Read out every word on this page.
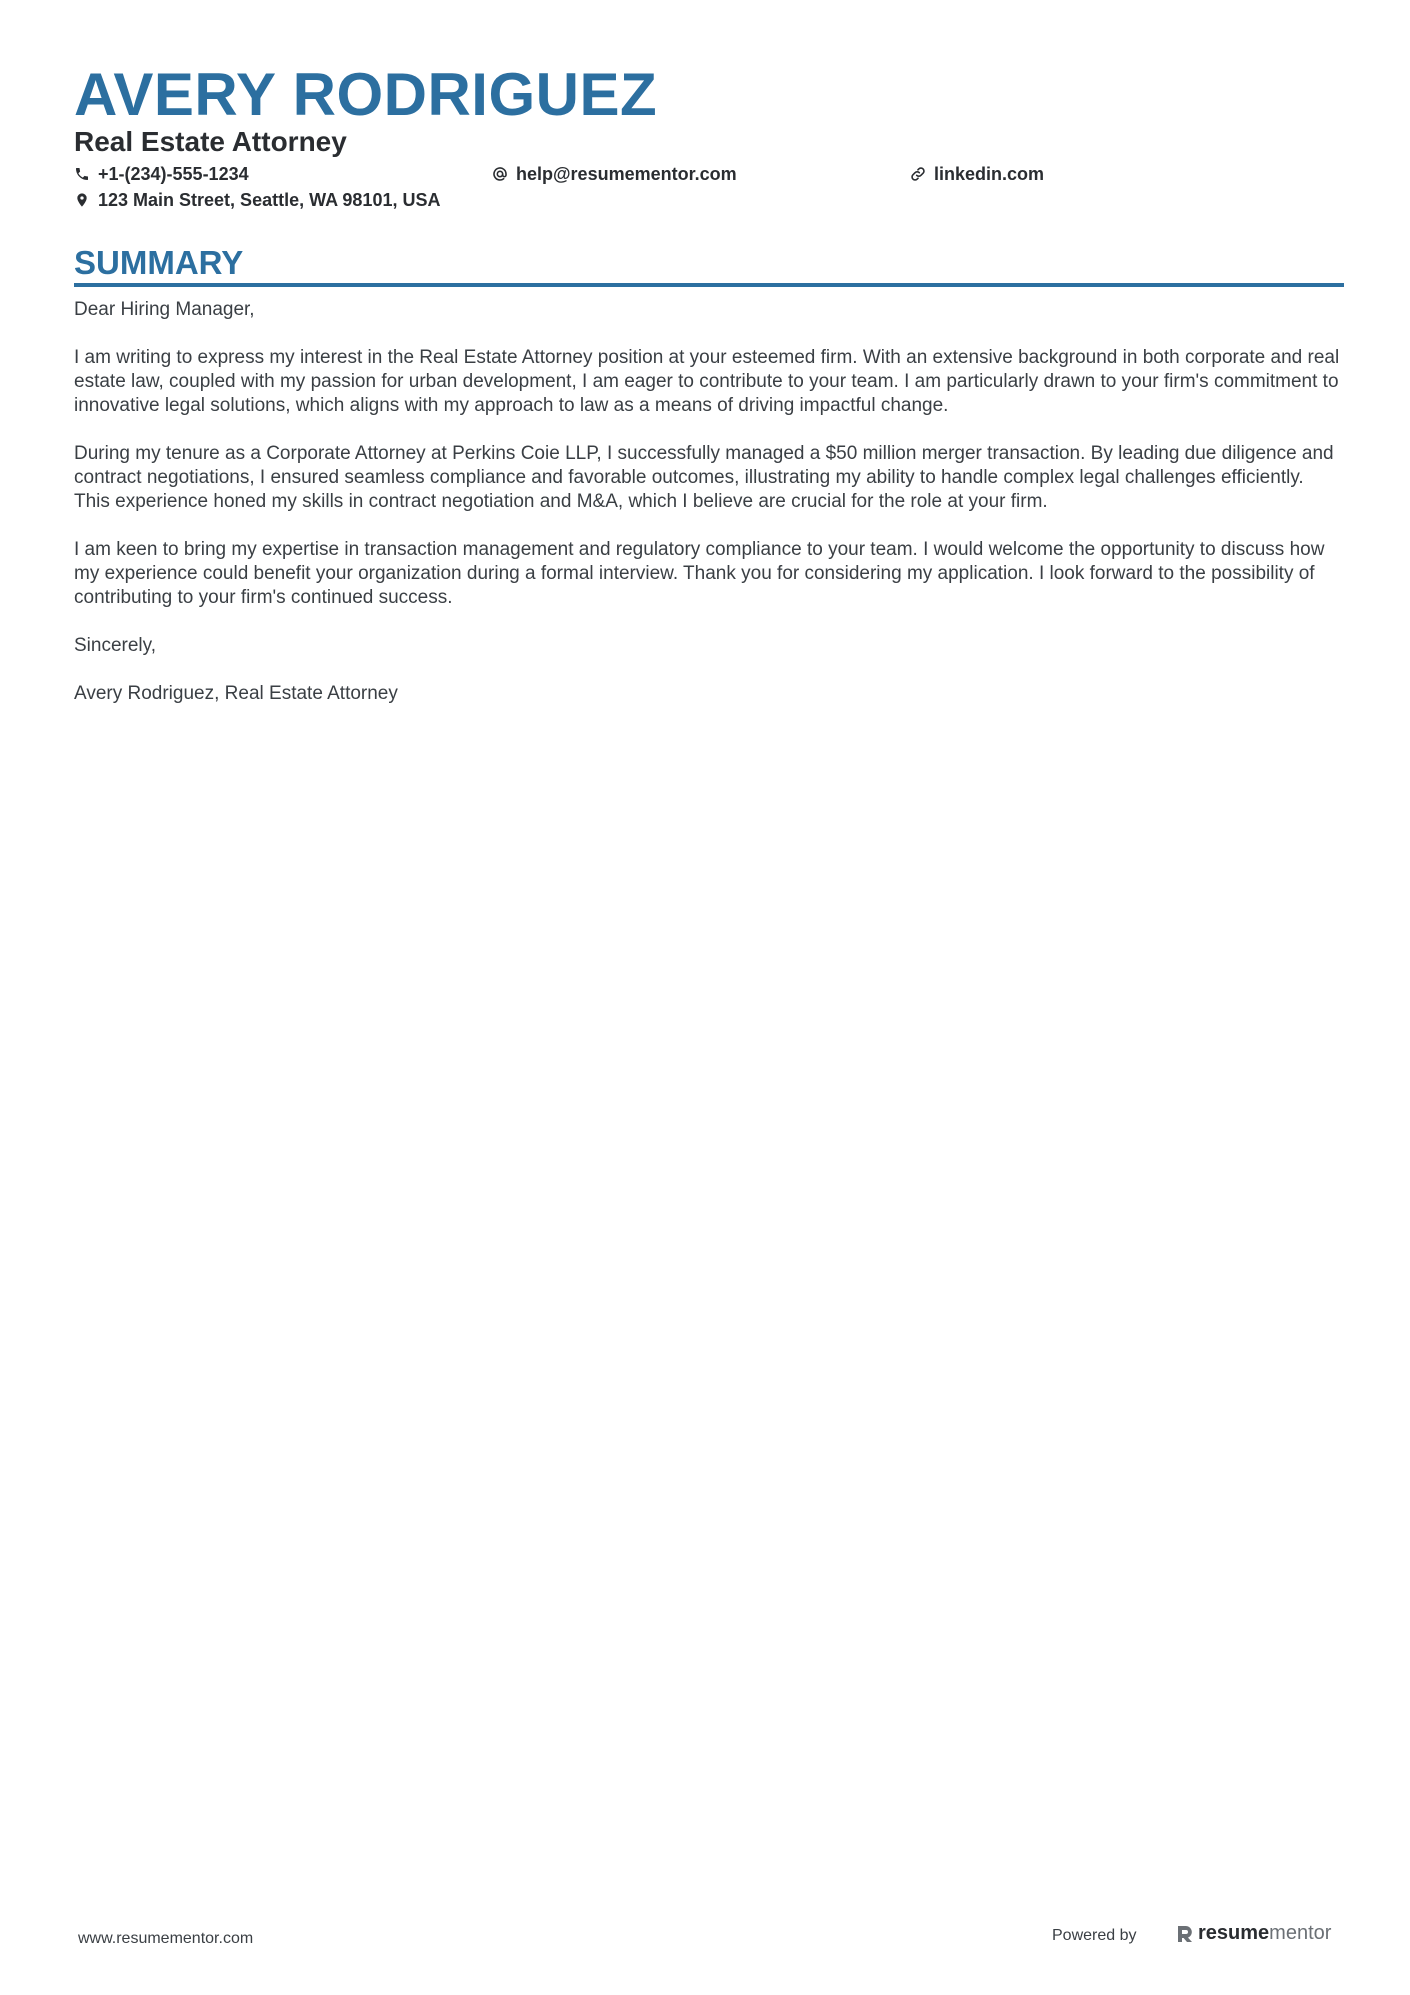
AVERY RODRIGUEZ
Real Estate Attorney
+1-(234)-555-1234	help@resumementor.com	linkedin.com
123 Main Street, Seattle, WA 98101, USA
SUMMARY

Dear Hiring Manager,

I am writing to express my interest in the Real Estate Attorney position at your esteemed firm. With an extensive background in both corporate and real estate law, coupled with my passion for urban development, I am eager to contribute to your team. I am particularly drawn to your firm's commitment to innovative legal solutions, which aligns with my approach to law as a means of driving impactful change.

During my tenure as a Corporate Attorney at Perkins Coie LLP, I successfully managed a $50 million merger transaction. By leading due diligence and contract negotiations, I ensured seamless compliance and favorable outcomes, illustrating my ability to handle complex legal challenges efficiently. This experience honed my skills in contract negotiation and M&A, which I believe are crucial for the role at your firm.

I am keen to bring my expertise in transaction management and regulatory compliance to your team. I would welcome the opportunity to discuss how my experience could benefit your organization during a formal interview. Thank you for considering my application. I look forward to the possibility of contributing to your firm's continued success.

Sincerely,

Avery Rodriguez, Real Estate Attorney

www.resumementor.com	Powered by	resume mentor
